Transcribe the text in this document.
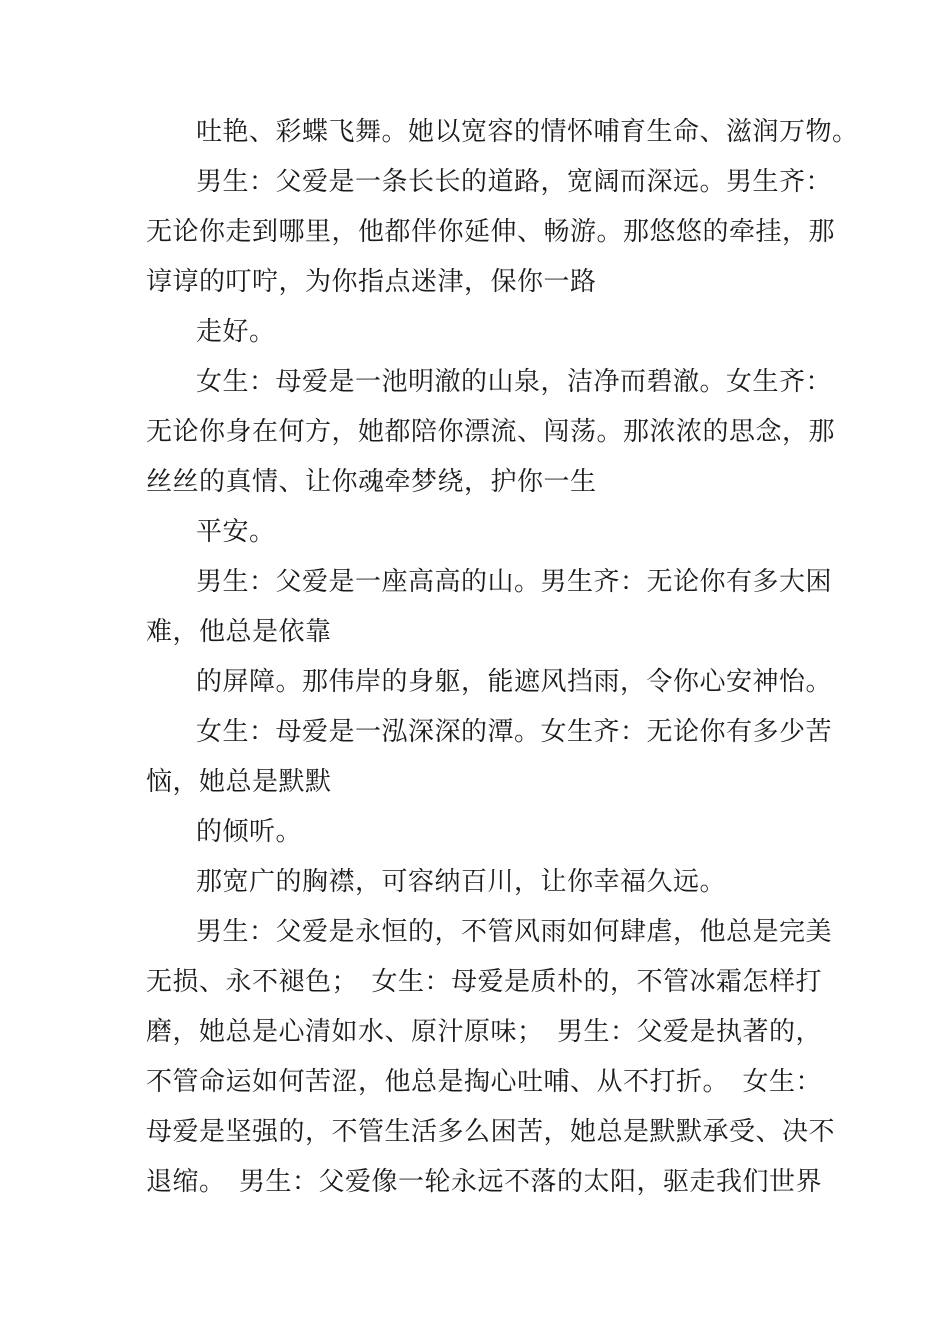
吐艳、彩蝶飞舞。她以宽容的情怀哺育生命、滋润万物。
男生：父爱是一条长长的道路，宽阔而深远。男生齐：
无论你走到哪里，他都伴你延伸、畅游。那悠悠的牵挂，那
谆谆的叮咛，为你指点迷津，保你一路
走好。
女生：母爱是一池明澈的山泉，洁净而碧澈。女生齐：
无论你身在何方，她都陪你漂流、闯荡。那浓浓的思念，那
丝丝的真情、让你魂牵梦绕，护你一生
平安。
男生：父爱是一座高高的山。男生齐：无论你有多大困
难，他总是依靠
的屏障。那伟岸的身躯，能遮风挡雨，令你心安神怡。
女生：母爱是一泓深深的潭。女生齐：无论你有多少苦
恼，她总是默默
的倾听。
那宽广的胸襟，可容纳百川，让你幸福久远。
男生：父爱是永恒的，不管风雨如何肆虐，他总是完美
无损、永不褪色；　女生：母爱是质朴的，不管冰霜怎样打
磨，她总是心清如水、原汁原味；　男生：父爱是执著的，
不管命运如何苦涩，他总是掏心吐哺、从不打折。　女生：
母爱是坚强的，不管生活多么困苦，她总是默默承受、决不
退缩。　男生：父爱像一轮永远不落的太阳，驱走我们世界
